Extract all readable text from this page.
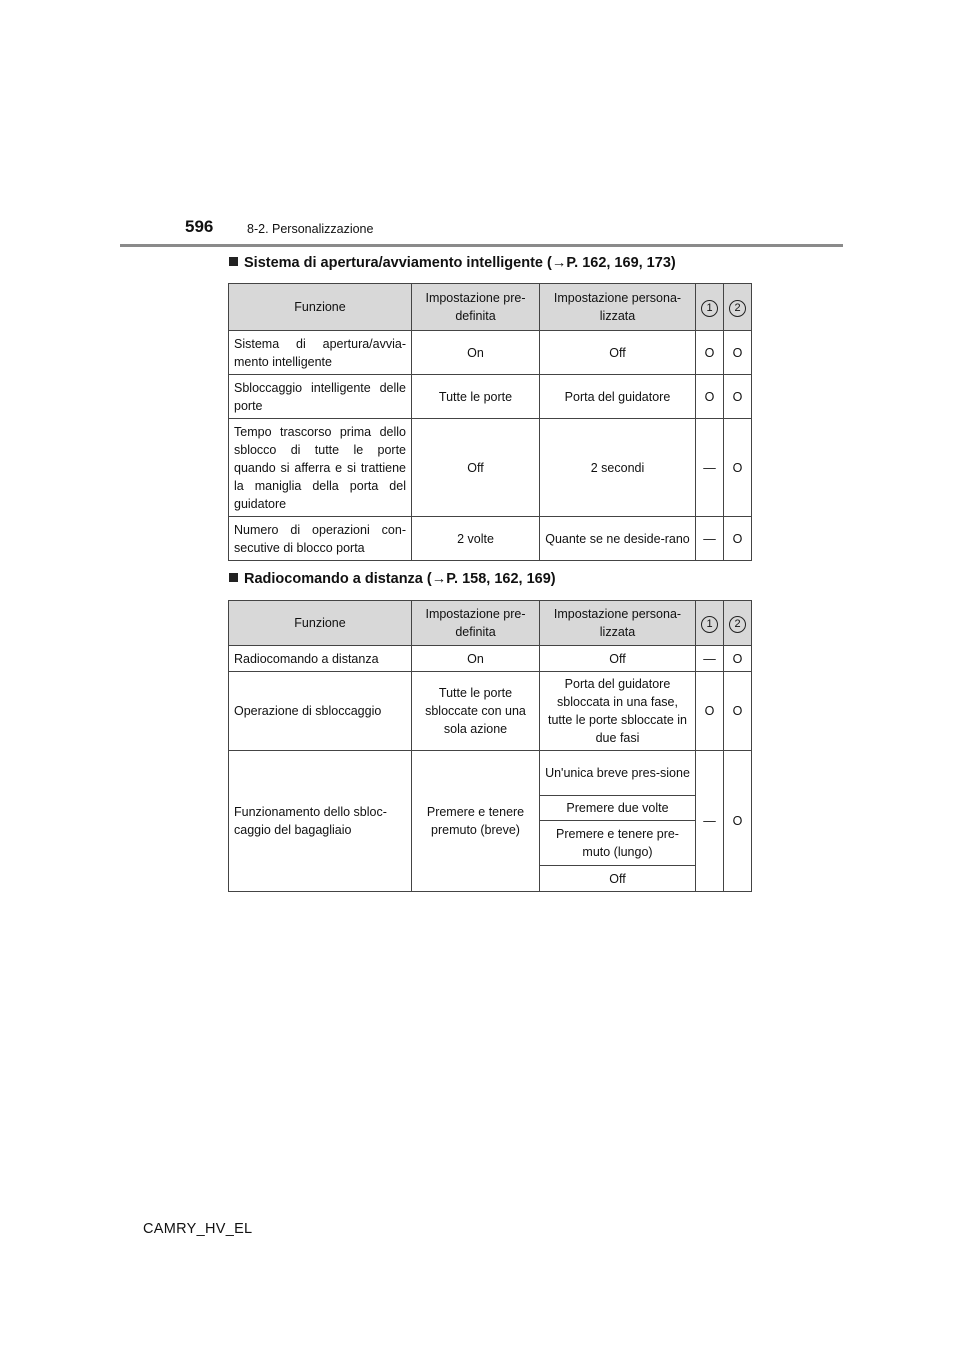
596	8-2. Personalizzazione
Sistema di apertura/avviamento intelligente (→P. 162, 169, 173)
Funzione	Impostazione pre-definita	Impostazione persona-lizzata	1	2
Sistema di apertura/avvia-mento intelligente	On	Off	O	O
Sbloccaggio intelligente delle porte	Tutte le porte	Porta del guidatore	O	O
Tempo trascorso prima dello sblocco di tutte le porte quando si afferra e si trattiene la maniglia della porta del guidatore	Off	2 secondi	—	O
Numero di operazioni con-secutive di blocco porta	2 volte	Quante se ne deside-rano	—	O
Radiocomando a distanza (→P. 158, 162, 169)
Funzione	Impostazione pre-definita	Impostazione persona-lizzata	1	2
Radiocomando a distanza	On	Off	—	O
Operazione di sbloccaggio	Tutte le porte sbloccate con una sola azione	Porta del guidatore sbloccata in una fase, tutte le porte sbloccate in due fasi	O	O
Funzionamento dello sbloc-caggio del bagagliaio	Premere e tenere premuto (breve)	Un'unica breve pres-sione	—	O
		Premere due volte		
		Premere e tenere pre-muto (lungo)		
		Off		
CAMRY_HV_EL
